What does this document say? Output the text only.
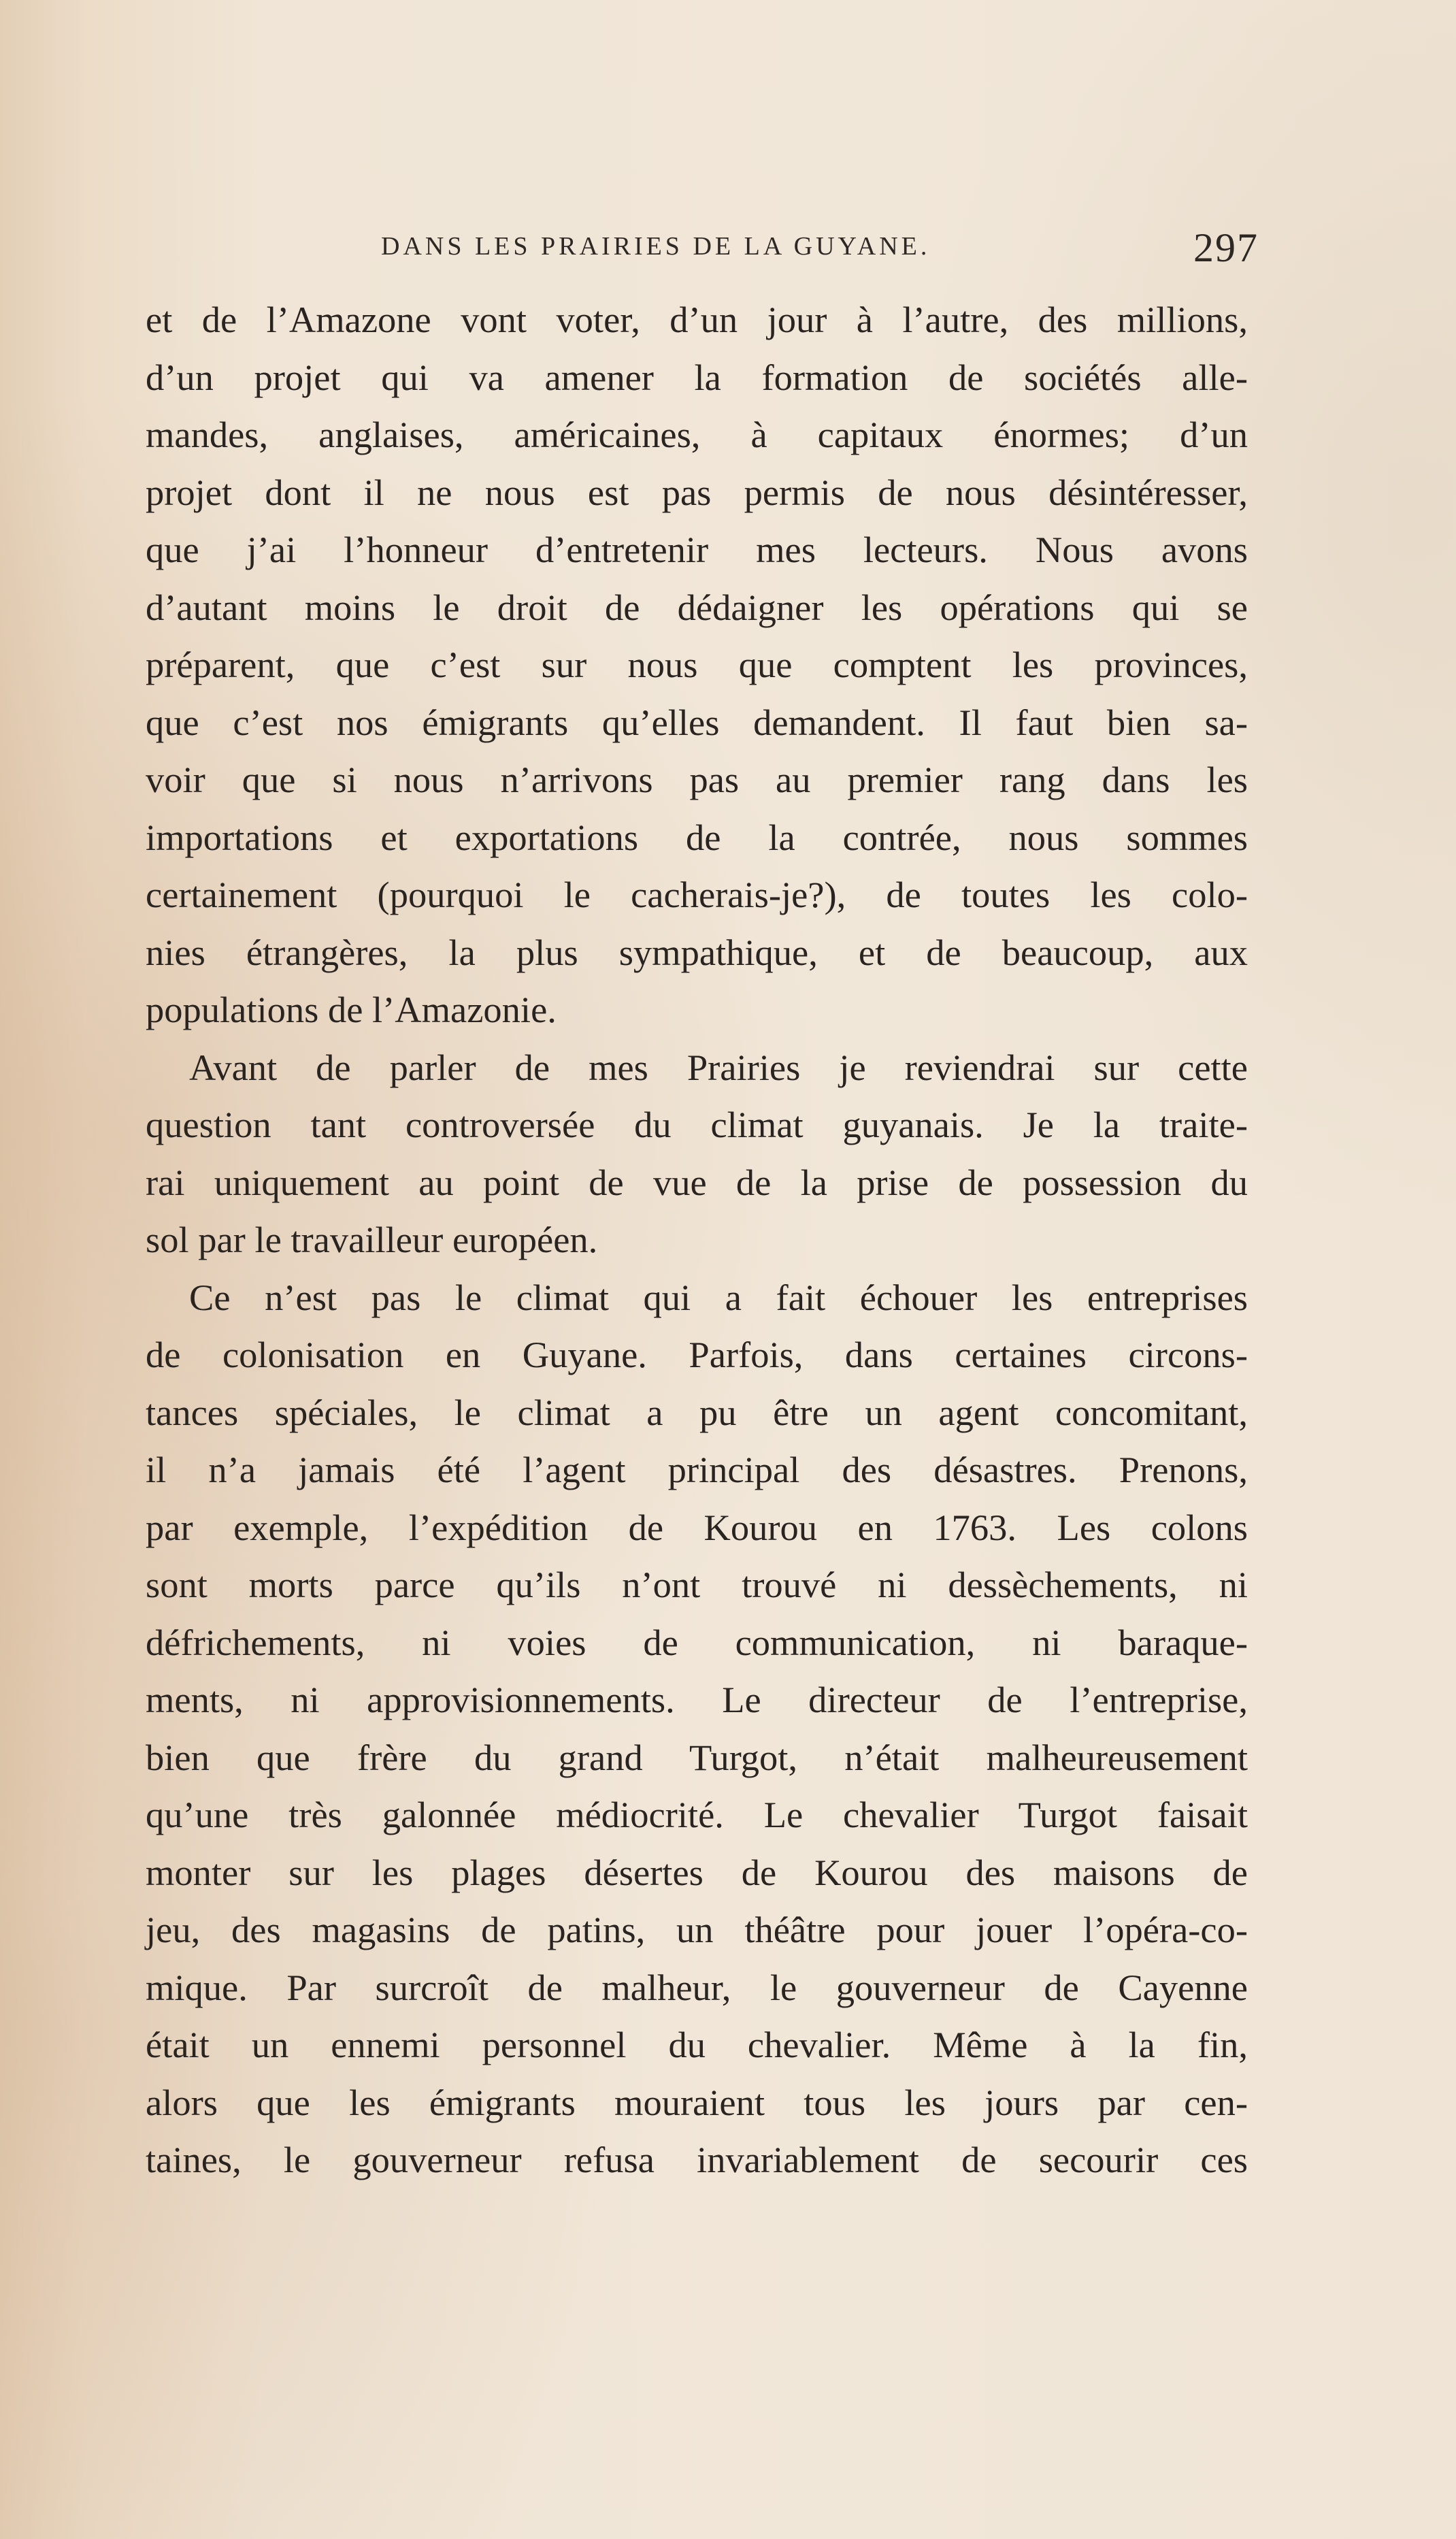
DANS LES PRAIRIES DE LA GUYANE.	297
et de l’Amazone vont voter, d’un jour à l’autre, des millions,
d’un projet qui va amener la formation de sociétés alle-
mandes, anglaises, américaines, à capitaux énormes; d’un
projet dont il ne nous est pas permis de nous désintéresser,
que j’ai l’honneur d’entretenir mes lecteurs. Nous avons
d’autant moins le droit de dédaigner les opérations qui se
préparent, que c’est sur nous que comptent les provinces,
que c’est nos émigrants qu’elles demandent. Il faut bien sa-
voir que si nous n’arrivons pas au premier rang dans les
importations et exportations de la contrée, nous sommes
certainement (pourquoi le cacherais-je?), de toutes les colo-
nies étrangères, la plus sympathique, et de beaucoup, aux
populations de l’Amazonie.
Avant de parler de mes Prairies je reviendrai sur cette
question tant controversée du climat guyanais. Je la traite-
rai uniquement au point de vue de la prise de possession du
sol par le travailleur européen.
Ce n’est pas le climat qui a fait échouer les entreprises
de colonisation en Guyane. Parfois, dans certaines circons-
tances spéciales, le climat a pu être un agent concomitant,
il n’a jamais été l’agent principal des désastres. Prenons,
par exemple, l’expédition de Kourou en 1763. Les colons
sont morts parce qu’ils n’ont trouvé ni dessèchements, ni
défrichements, ni voies de communication, ni baraque-
ments, ni approvisionnements. Le directeur de l’entreprise,
bien que frère du grand Turgot, n’était malheureusement
qu’une très galonnée médiocrité. Le chevalier Turgot faisait
monter sur les plages désertes de Kourou des maisons de
jeu, des magasins de patins, un théâtre pour jouer l’opéra-co-
mique. Par surcroît de malheur, le gouverneur de Cayenne
était un ennemi personnel du chevalier. Même à la fin,
alors que les émigrants mouraient tous les jours par cen-
taines, le gouverneur refusa invariablement de secourir ces
